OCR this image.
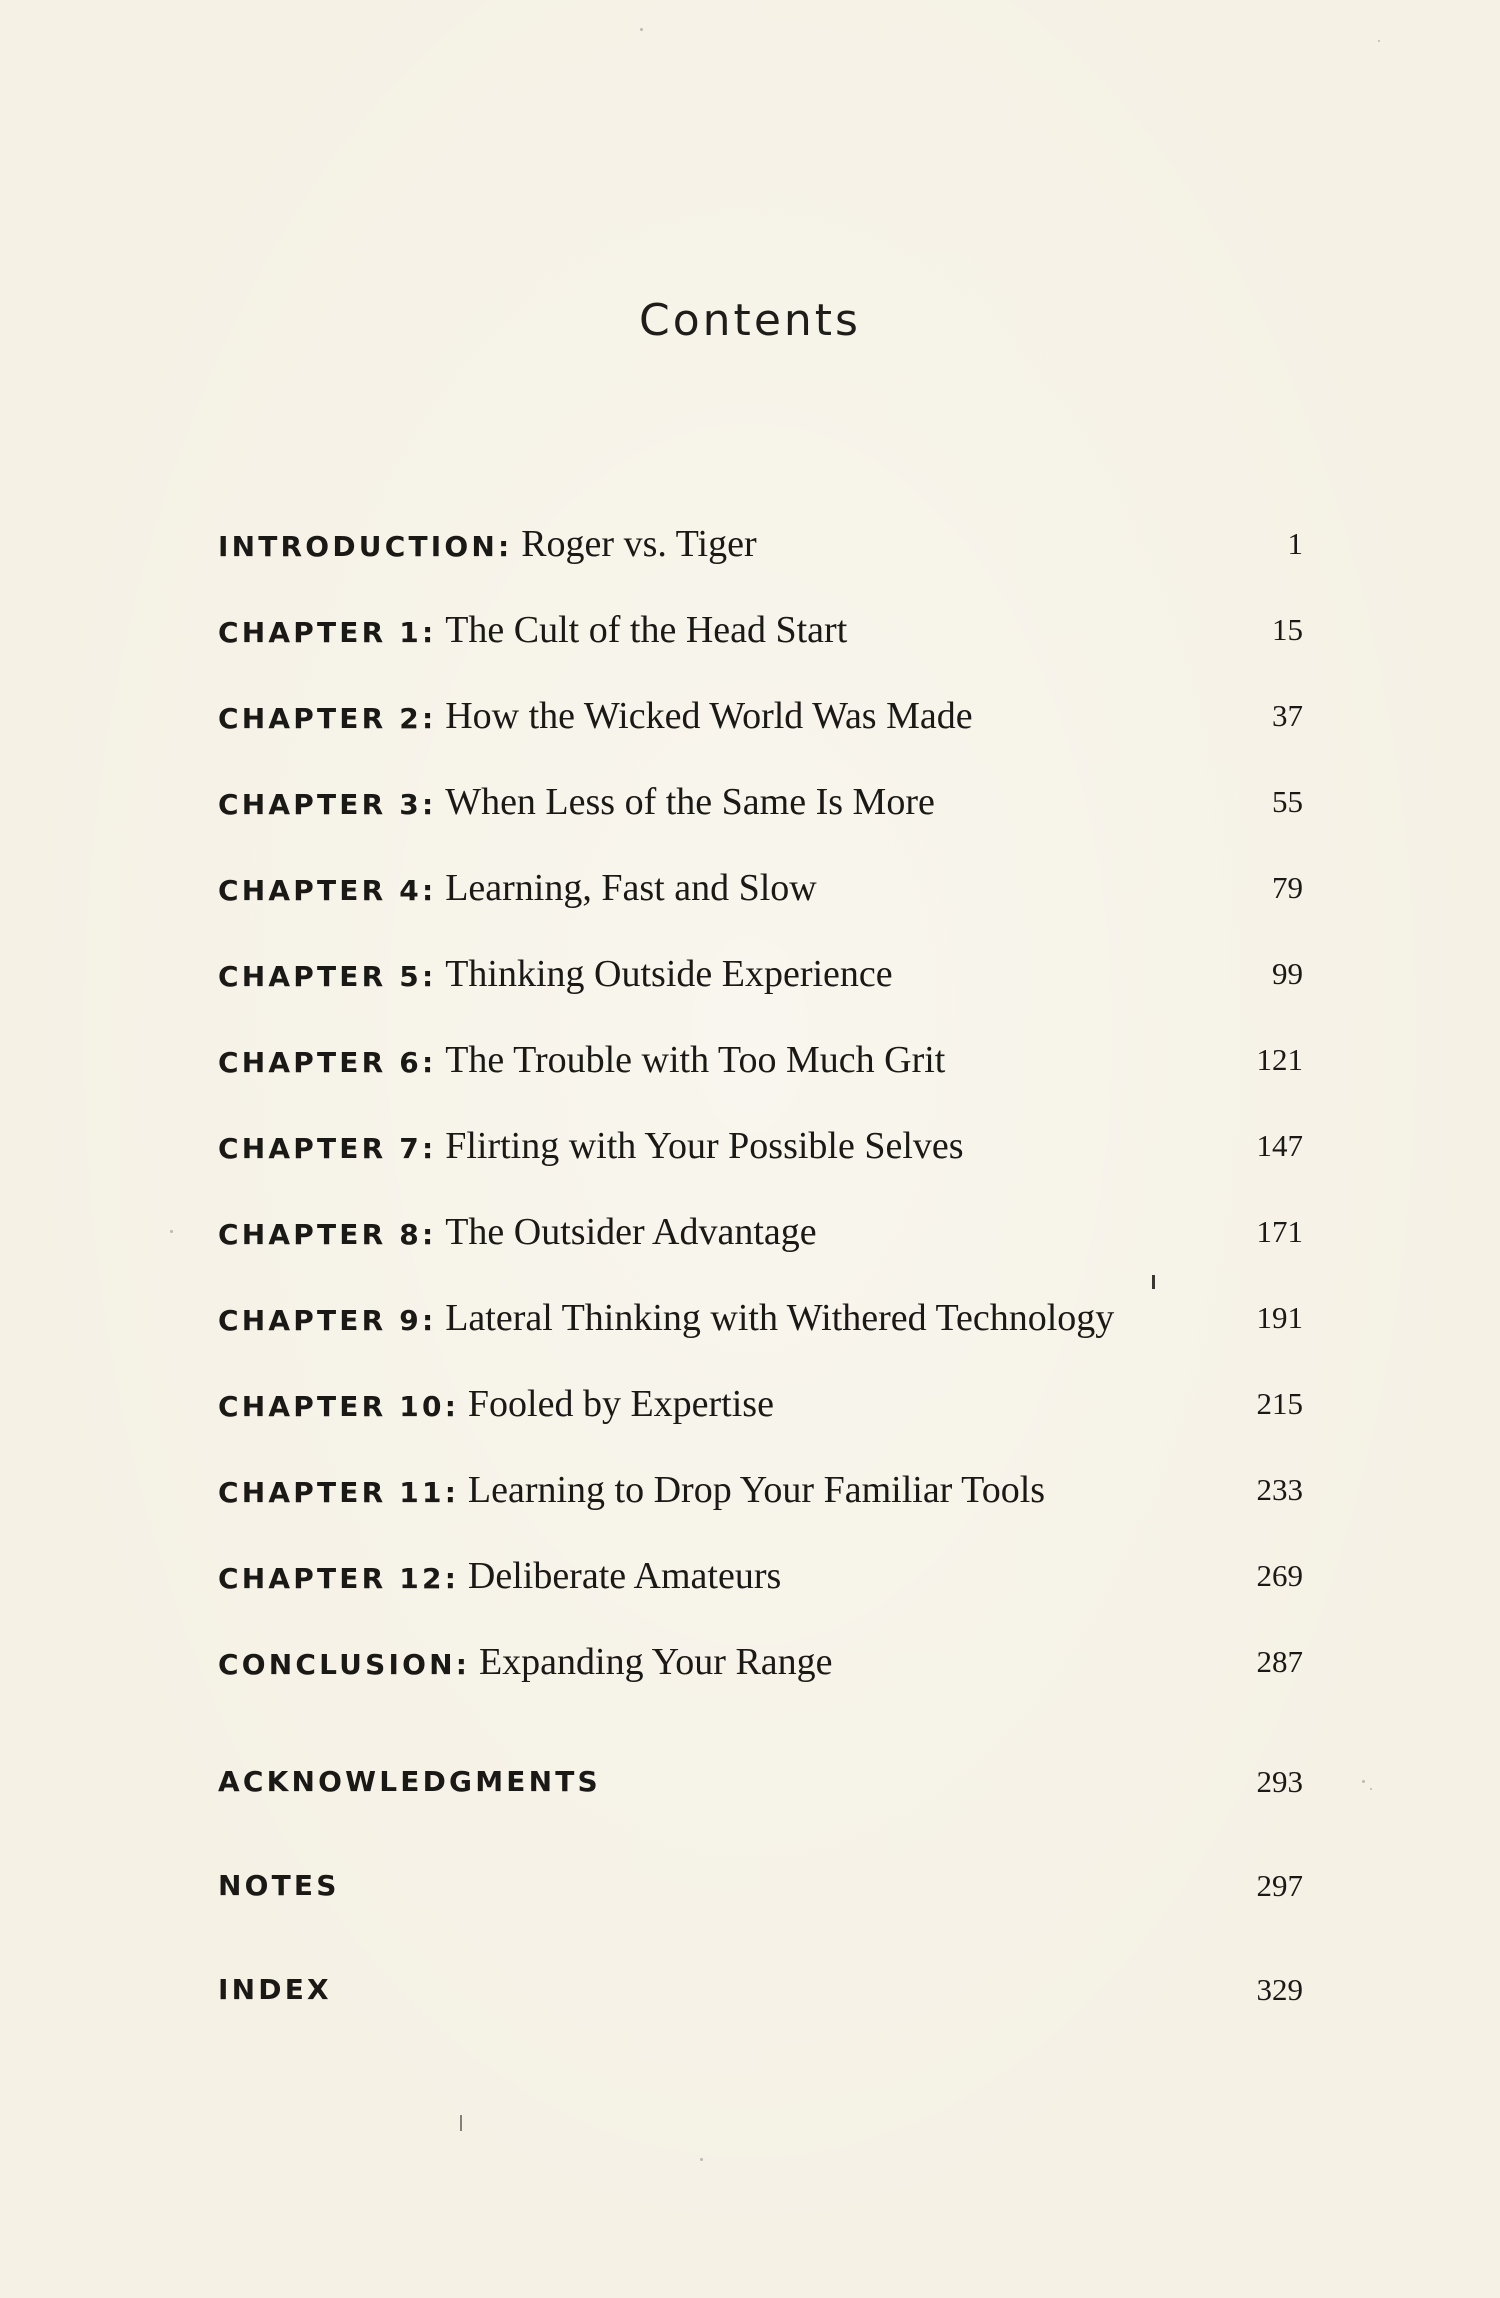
Contents
INTRODUCTION: Roger vs. Tiger	1
CHAPTER 1: The Cult of the Head Start	15
CHAPTER 2: How the Wicked World Was Made	37
CHAPTER 3: When Less of the Same Is More	55
CHAPTER 4: Learning, Fast and Slow	79
CHAPTER 5: Thinking Outside Experience	99
CHAPTER 6: The Trouble with Too Much Grit	121
CHAPTER 7: Flirting with Your Possible Selves	147
CHAPTER 8: The Outsider Advantage	171
CHAPTER 9: Lateral Thinking with Withered Technology	191
CHAPTER 10: Fooled by Expertise	215
CHAPTER 11: Learning to Drop Your Familiar Tools	233
CHAPTER 12: Deliberate Amateurs	269
CONCLUSION: Expanding Your Range	287
ACKNOWLEDGMENTS	293
NOTES	297
INDEX	329
